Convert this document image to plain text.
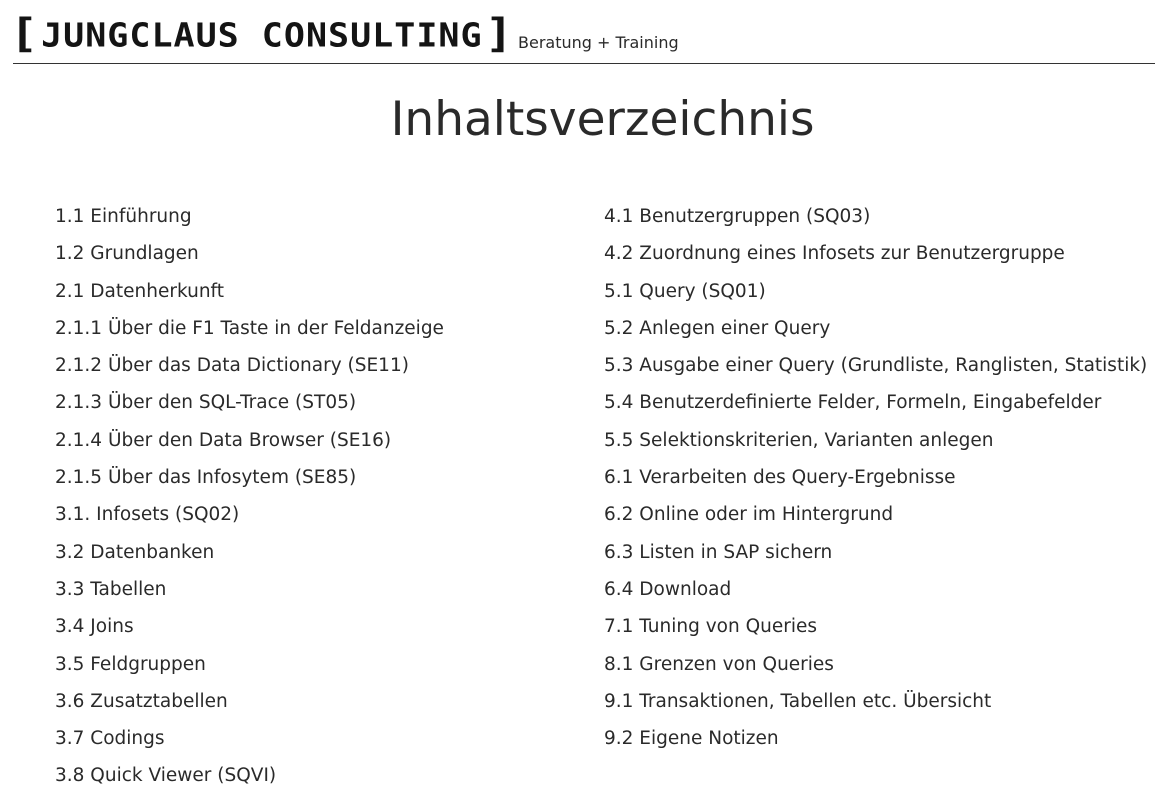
[JUNGCLAUS CONSULTING] Beratung + Training
Inhaltsverzeichnis
1.1 Einführung
1.2 Grundlagen
2.1 Datenherkunft
2.1.1 Über die F1 Taste in der Feldanzeige
2.1.2 Über das Data Dictionary (SE11)
2.1.3 Über den SQL-Trace (ST05)
2.1.4 Über den Data Browser (SE16)
2.1.5 Über das Infosytem (SE85)
3.1. Infosets (SQ02)
3.2 Datenbanken
3.3 Tabellen
3.4 Joins
3.5 Feldgruppen
3.6 Zusatztabellen
3.7 Codings
3.8 Quick Viewer (SQVI)
4.1 Benutzergruppen (SQ03)
4.2 Zuordnung eines Infosets zur Benutzergruppe
5.1 Query (SQ01)
5.2 Anlegen einer Query
5.3 Ausgabe einer Query (Grundliste, Ranglisten, Statistik)
5.4 Benutzerdefinierte Felder, Formeln, Eingabefelder
5.5 Selektionskriterien, Varianten anlegen
6.1 Verarbeiten des Query-Ergebnisse
6.2 Online oder im Hintergrund
6.3 Listen in SAP sichern
6.4 Download
7.1 Tuning von Queries
8.1 Grenzen von Queries
9.1 Transaktionen, Tabellen etc. Übersicht
9.2 Eigene Notizen
